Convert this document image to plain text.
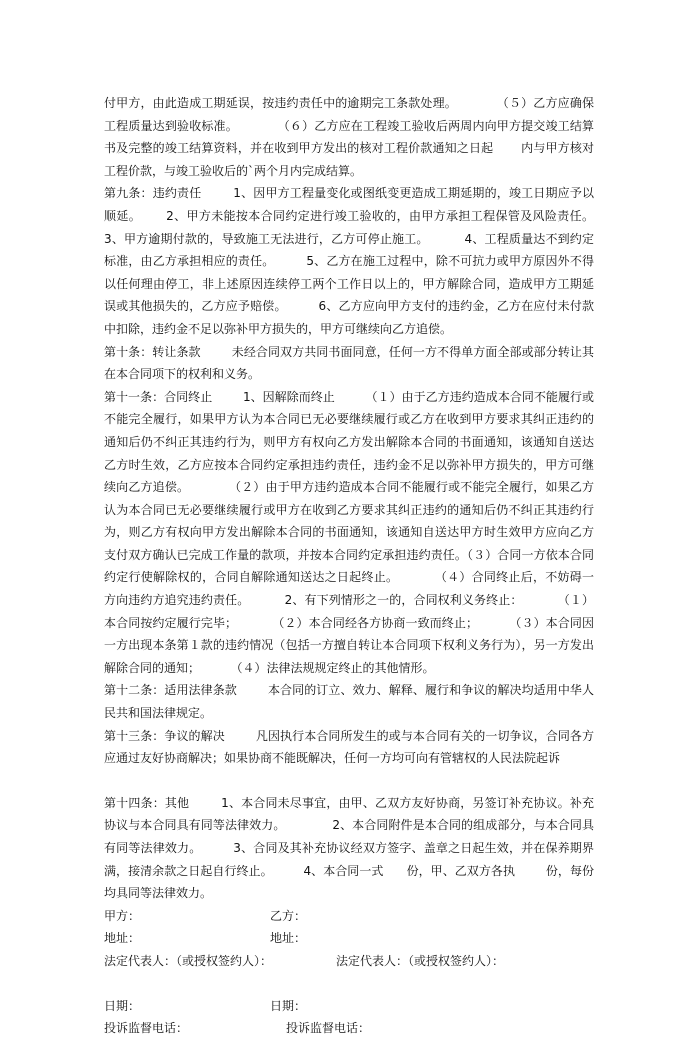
付甲方，由此造成工期延误，按违约责任中的逾期完工条款处理。          （５）乙方应确保工程质量达到验收标准。          （６）乙方应在工程竣工验收后两周内向甲方提交竣工结算书及完整的竣工结算资料，并在收到甲方发出的核对工程价款通知之日起       内与甲方核对工程价款，与竣工验收后的`两个月内完成结算。

第九条：违约责任        1、因甲方工程量变化或图纸变更造成工期延期的，竣工日期应予以顺延。      2、甲方未能按本合同约定进行竣工验收的，由甲方承担工程保管及风险责任。      3、甲方逾期付款的，导致施工无法进行，乙方可停止施工。         4、工程质量达不到约定标准，由乙方承担相应的责任。        5、乙方在施工过程中，除不可抗力或甲方原因外不得以任何理由停工，非上述原因连续停工两个工作日以上的，甲方解除合同，造成甲方工期延误或其他损失的，乙方应予赔偿。        6、乙方应向甲方支付的违约金，乙方在应付未付款中扣除，违约金不足以弥补甲方损失的，甲方可继续向乙方追偿。

第十条：转让条款        未经合同双方共同书面同意，任何一方不得单方面全部或部分转让其在本合同项下的权利和义务。

第十一条：合同终止        1、因解除而终止        （１）由于乙方违约造成本合同不能履行或不能完全履行，如果甲方认为本合同已无必要继续履行或乙方在收到甲方要求其纠正违约的通知后仍不纠正其违约行为，则甲方有权向乙方发出解除本合同的书面通知，该通知自送达乙方时生效，乙方应按本合同约定承担违约责任，违约金不足以弥补甲方损失的，甲方可继续向乙方追偿。          （２）由于甲方违约造成本合同不能履行或不能完全履行，如果乙方认为本合同已无必要继续履行或甲方在收到乙方要求其纠正违约的通知后仍不纠正其违约行为，则乙方有权向甲方发出解除本合同的书面通知，该通知自送达甲方时生效甲方应向乙方支付双方确认已完成工作量的款项，并按本合同约定承担违约责任。（３）合同一方依本合同约定行使解除权的，合同自解除通知送达之日起终止。         （４）合同终止后，不妨碍一方向违约方追究违约责任。         2、有下列情形之一的，合同权利义务终止：         （１）本合同按约定履行完毕；         （２）本合同经各方协商一致而终止；        （３）本合同因一方出现本条第１款的违约情况（包括一方擅自转让本合同项下权利义务行为），另一方发出解除合同的通知；        （４）法律法规规定终止的其他情形。

第十二条：适用法律条款        本合同的订立、效力、解释、履行和争议的解决均适用中华人民共和国法律规定。

第十三条：争议的解决        凡因执行本合同所发生的或与本合同有关的一切争议，合同各方应通过友好协商解决；如果协商不能既解决，任何一方均可向有管辖权的人民法院起诉

第十四条：其他        1、本合同未尽事宜，由甲、乙双方友好协商，另签订补充协议。补充协议与本合同具有同等法律效力。            2、本合同附件是本合同的组成部分，与本合同具有同等法律效力。        3、合同及其补充协议经双方签字、盖章之日起生效，并在保养期界满，接清余款之日起自行终止。        4、本合同一式      份，甲、乙双方各执        份，每份均具同等法律效力。

甲方：	乙方：
地址：	地址：
法定代表人：（或授权签约人）：	法定代表人：（或授权签约人）：
日期：	日期：
投诉监督电话：	投诉监督电话：
